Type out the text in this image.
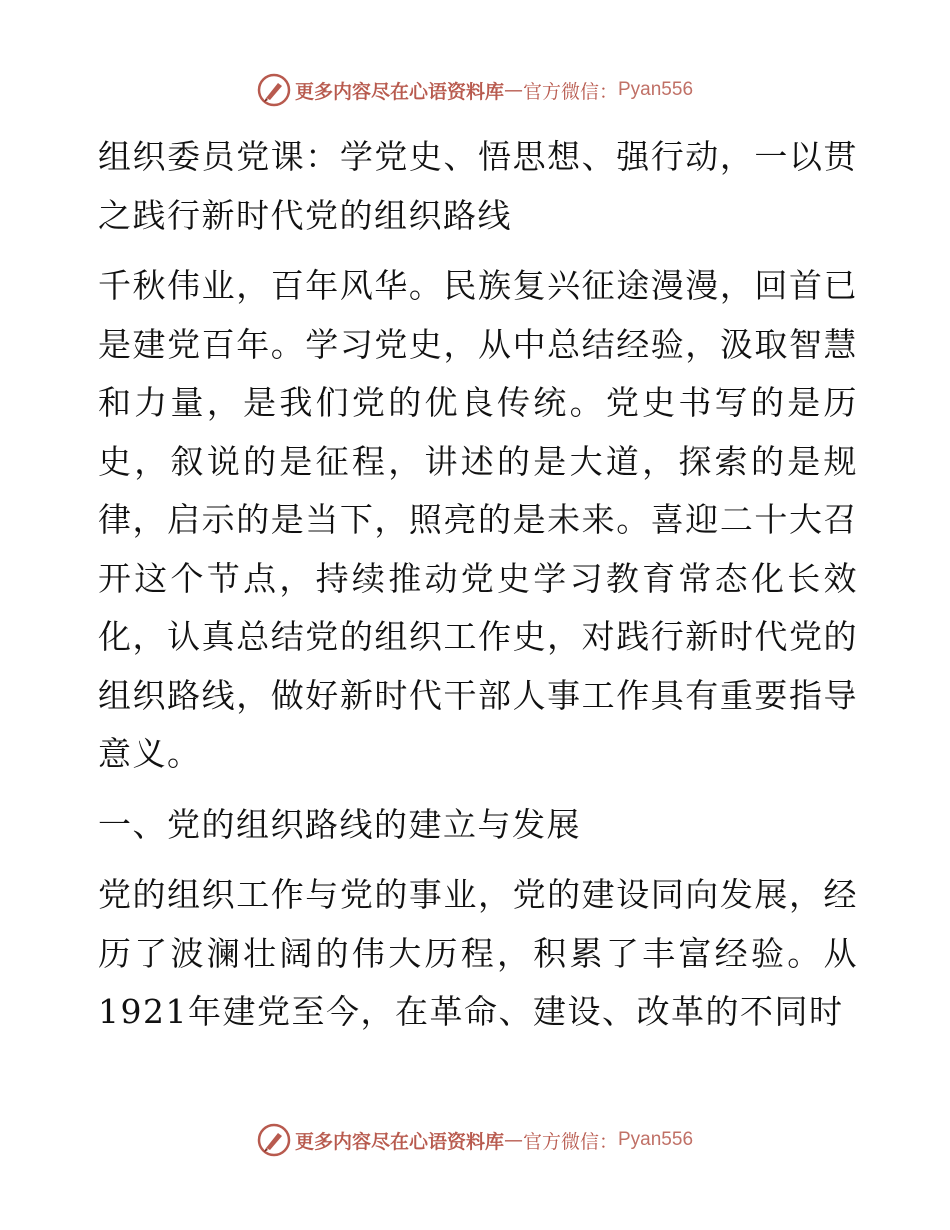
更多内容尽在心语资料库 — 官方微信： Pyan556

组织委员党课：学党史、悟思想、强行动，一以贯之践行新时代党的组织路线

千秋伟业，百年风华。民族复兴征途漫漫，回首已是建党百年。学习党史，从中总结经验，汲取智慧和力量，是我们党的优良传统。党史书写的是历史，叙说的是征程，讲述的是大道，探索的是规律，启示的是当下，照亮的是未来。喜迎二十大召开这个节点，持续推动党史学习教育常态化长效化，认真总结党的组织工作史，对践行新时代党的组织路线，做好新时代干部人事工作具有重要指导意义。

一、党的组织路线的建立与发展

党的组织工作与党的事业，党的建设同向发展，经历了波澜壮阔的伟大历程，积累了丰富经验。从1921年建党至今，在革命、建设、改革的不同时

更多内容尽在心语资料库 — 官方微信： Pyan556
